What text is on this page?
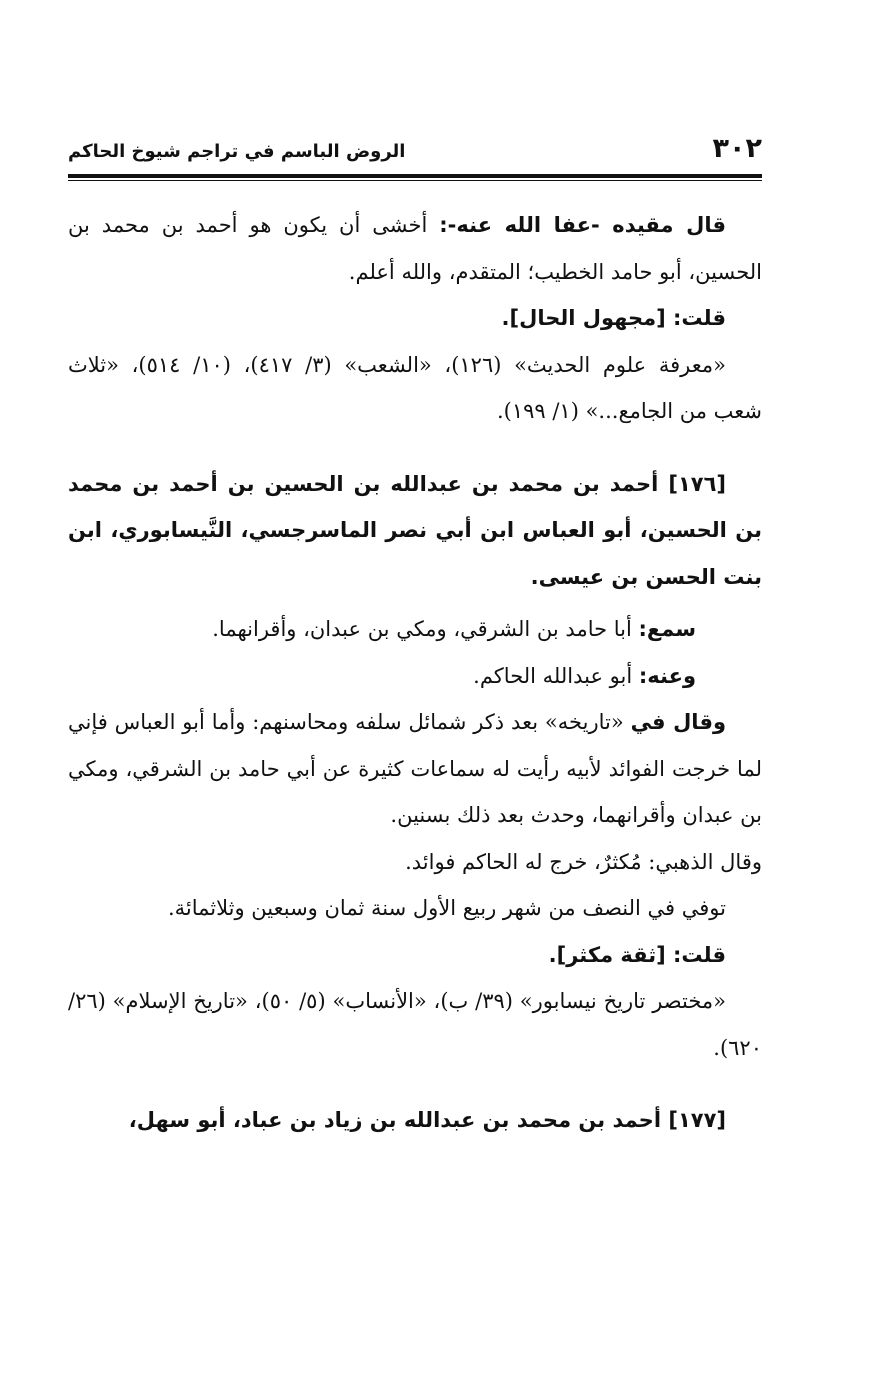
٣٠٢
الروض الباسم في تراجم شيوخ الحاكم

قال مقيده -عفا الله عنه-: أخشى أن يكون هو أحمد بن محمد بن الحسين، أبو حامد الخطيب؛ المتقدم، والله أعلم.

قلت: [مجهول الحال].

«معرفة علوم الحديث» (١٢٦)، «الشعب» (٣/ ٤١٧)، (١٠/ ٥١٤)، «ثلاث شعب من الجامع...» (١/ ١٩٩).

[١٧٦] أحمد بن محمد بن عبدالله بن الحسين بن أحمد بن محمد بن الحسين، أبو العباس ابن أبي نصر الماسرجسي، النَّيسابوري، ابن بنت الحسن بن عيسى.

سمع: أبا حامد بن الشرقي، ومكي بن عبدان، وأقرانهما.

وعنه: أبو عبدالله الحاكم.

وقال في «تاريخه» بعد ذكر شمائل سلفه ومحاسنهم: وأما أبو العباس فإني لما خرجت الفوائد لأبيه رأيت له سماعات كثيرة عن أبي حامد بن الشرقي، ومكي بن عبدان وأقرانهما، وحدث بعد ذلك بسنين.

وقال الذهبي: مُكثرٌ، خرج له الحاكم فوائد.

توفي في النصف من شهر ربيع الأول سنة ثمان وسبعين وثلاثمائة.

قلت: [ثقة مكثر].

«مختصر تاريخ نيسابور» (٣٩/ ب)، «الأنساب» (٥/ ٥٠)، «تاريخ الإسلام» (٢٦/ ٦٢٠).

[١٧٧] أحمد بن محمد بن عبدالله بن زياد بن عباد، أبو سهل،
